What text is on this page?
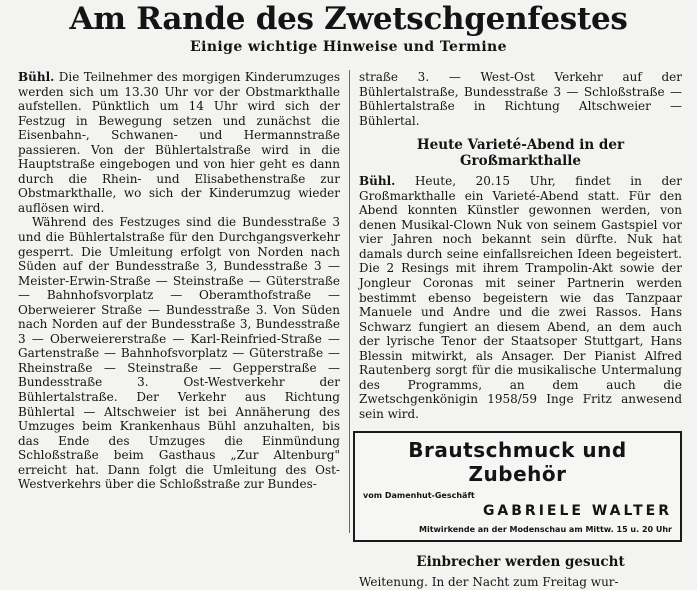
Am Rande des Zwetschgenfestes
Einige wichtige Hinweise und Termine

Bühl. Die Teilnehmer des morgigen Kinderumzuges werden sich um 13.30 Uhr vor der Obstmarkthalle aufstellen. Pünktlich um 14 Uhr wird sich der Festzug in Bewegung setzen und zunächst die Eisenbahn-, Schwanen- und Hermannstraße passieren. Von der Bühlertalstraße wird in die Hauptstraße eingebogen und von hier geht es dann durch die Rhein- und Elisabethenstraße zur Obstmarkthalle, wo sich der Kinderumzug wieder auflösen wird.

Während des Festzuges sind die Bundesstraße 3 und die Bühlertalstraße für den Durchgangsverkehr gesperrt. Die Umleitung erfolgt von Norden nach Süden auf der Bundesstraße 3, Bundesstraße 3 — Meister-Erwin-Straße — Steinstraße — Güterstraße — Bahnhofsvorplatz — Oberamthofstraße — Oberweierer Straße — Bundesstraße 3. Von Süden nach Norden auf der Bundesstraße 3, Bundesstraße 3 — Oberweiererstraße — Karl-Reinfried-Straße — Gartenstraße — Bahnhofsvorplatz — Güterstraße — Rheinstraße — Steinstraße — Gepperstraße — Bundesstraße 3. Ost-Westverkehr der Bühlertalstraße. Der Verkehr aus Richtung Bühlertal — Altschweier ist bei Annäherung des Umzuges beim Krankenhaus Bühl anzuhalten, bis das Ende des Umzuges die Einmündung Schloßstraße beim Gasthaus „Zur Altenburg" erreicht hat. Dann folgt die Umleitung des Ost-Westverkehrs über die Schloßstraße zur Bundes-

straße 3. — West-Ost Verkehr auf der Bühlertalstraße, Bundesstraße 3 — Schloßstraße — Bühlertalstraße in Richtung Altschweier — Bühlertal.

Heute Varieté-Abend in der Großmarkthalle

Bühl. Heute, 20.15 Uhr, findet in der Großmarkthalle ein Varieté-Abend statt. Für den Abend konnten Künstler gewonnen werden, von denen Musikal-Clown Nuk von seinem Gastspiel vor vier Jahren noch bekannt sein dürfte. Nuk hat damals durch seine einfallsreichen Ideen begeistert. Die 2 Resings mit ihrem Trampolin-Akt sowie der Jongleur Coronas mit seiner Partnerin werden bestimmt ebenso begeistern wie das Tanzpaar Manuele und Andre und die zwei Rassos. Hans Schwarz fungiert an diesem Abend, an dem auch der lyrische Tenor der Staatsoper Stuttgart, Hans Blessin mitwirkt, als Ansager. Der Pianist Alfred Rautenberg sorgt für die musikalische Untermalung des Programms, an dem auch die Zwetschgenkönigin 1958/59 Inge Fritz anwesend sein wird.

Brautschmuck und Zubehör
vom Damenhut-Geschäft
GABRIELE WALTER
Mitwirkende an der Modenschau am Mittw. 15 u. 20 Uhr
Einbrecher werden gesucht

Weitenung. In der Nacht zum Freitag wur-
